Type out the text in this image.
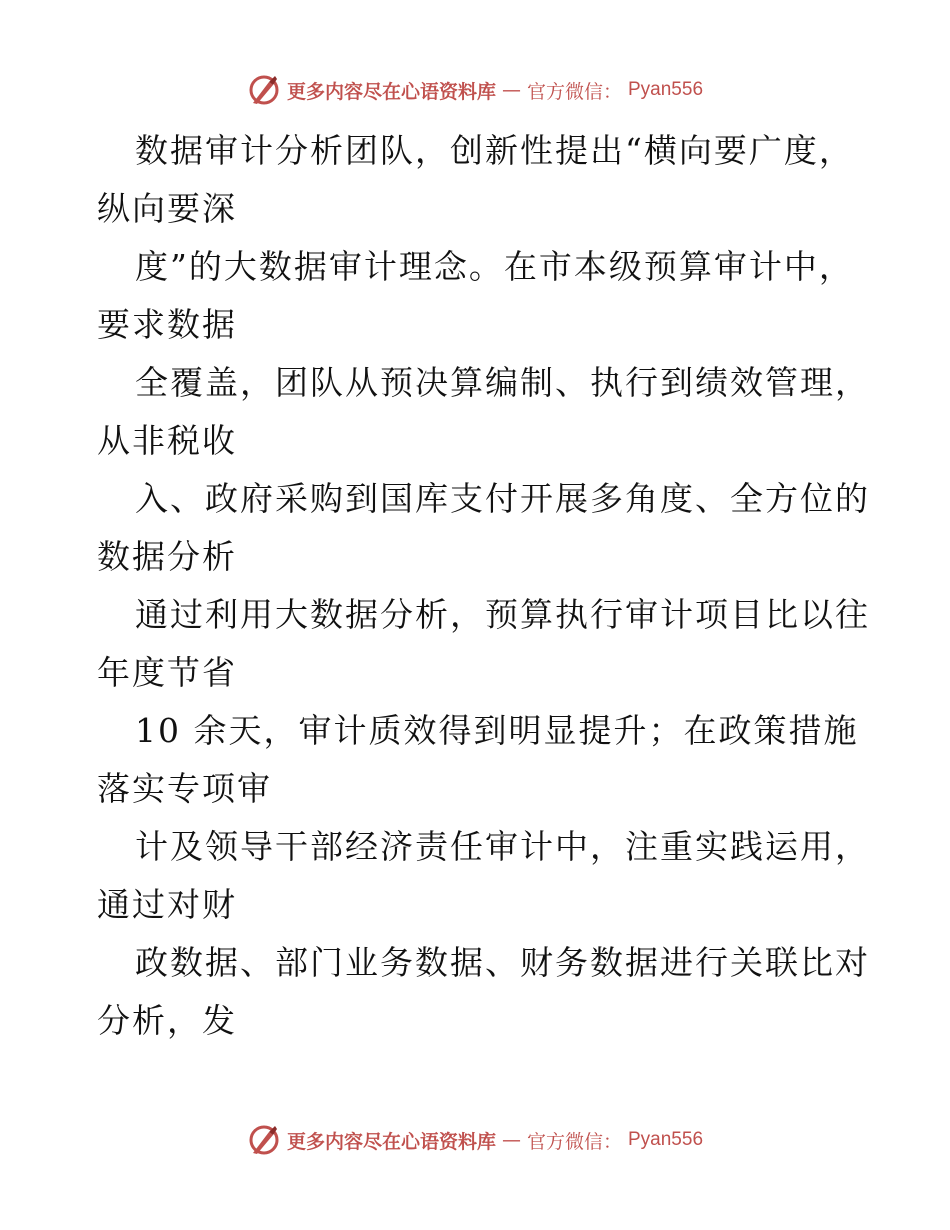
更多内容尽在心语资料库 — 官方微信： Pyan556

数据审计分析团队，创新性提出“横向要广度，
纵向要深

度”的大数据审计理念。在市本级预算审计中，
要求数据

全覆盖，团队从预决算编制、执行到绩效管理，
从非税收

入、政府采购到国库支付开展多角度、全方位的
数据分析

通过利用大数据分析，预算执行审计项目比以往
年度节省

10 余天，审计质效得到明显提升；在政策措施
落实专项审

计及领导干部经济责任审计中，注重实践运用，
通过对财

政数据、部门业务数据、财务数据进行关联比对
分析，发

更多内容尽在心语资料库 — 官方微信： Pyan556
